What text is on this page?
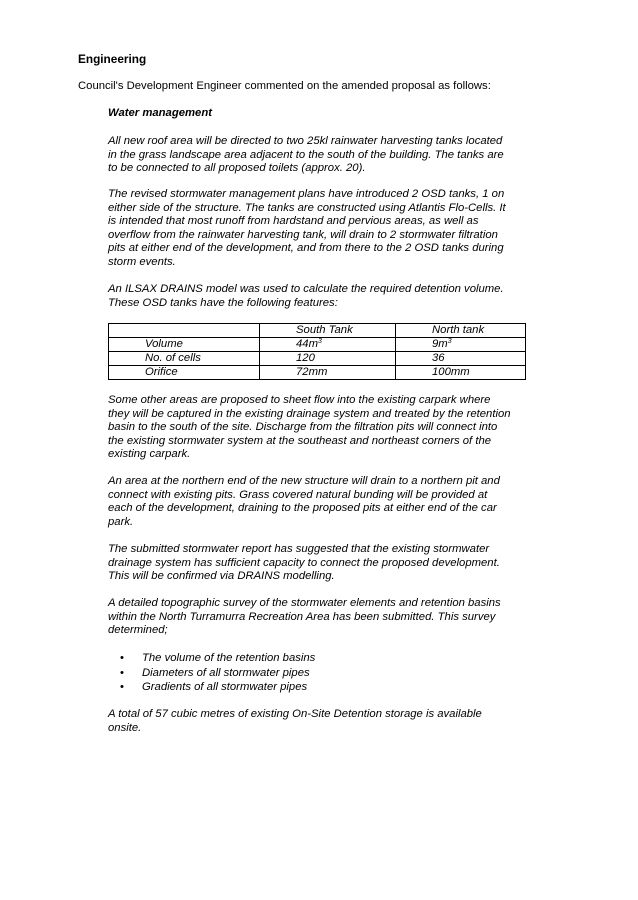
Engineering
Council's Development Engineer commented on the amended proposal as follows:
Water management

All new roof area will be directed to two 25kl rainwater harvesting tanks located

in the grass landscape area adjacent to the south of the building. The tanks are

to be connected to all proposed toilets (approx. 20).

The revised stormwater management plans have introduced 2 OSD tanks, 1 on

either side of the structure. The tanks are constructed using Atlantis Flo-Cells. It

is intended that most runoff from hardstand and pervious areas, as well as

overflow from the rainwater harvesting tank, will drain to 2 stormwater filtration

pits at either end of the development, and from there to the 2 OSD tanks during

storm events.

An ILSAX DRAINS model was used to calculate the required detention volume.

These OSD tanks have the following features:

	South Tank	North tank
Volume	$44m^3$	$9m^3$
No. of cells	120	36
Orifice	72mm	100mm

Some other areas are proposed to sheet flow into the existing carpark where

they will be captured in the existing drainage system and treated by the retention

basin to the south of the site. Discharge from the filtration pits will connect into

the existing stormwater system at the southeast and northeast corners of the

existing carpark.

An area at the northern end of the new structure will drain to a northern pit and

connect with existing pits. Grass covered natural bunding will be provided at

each of the development, draining to the proposed pits at either end of the car

park.

The submitted stormwater report has suggested that the existing stormwater

drainage system has sufficient capacity to connect the proposed development.

This will be confirmed via DRAINS modelling.

A detailed topographic survey of the stormwater elements and retention basins

within the North Turramurra Recreation Area has been submitted. This survey

determined;

• The volume of the retention basins
• Diameters of all stormwater pipes
• Gradients of all stormwater pipes

A total of 57 cubic metres of existing On-Site Detention storage is available

onsite.
